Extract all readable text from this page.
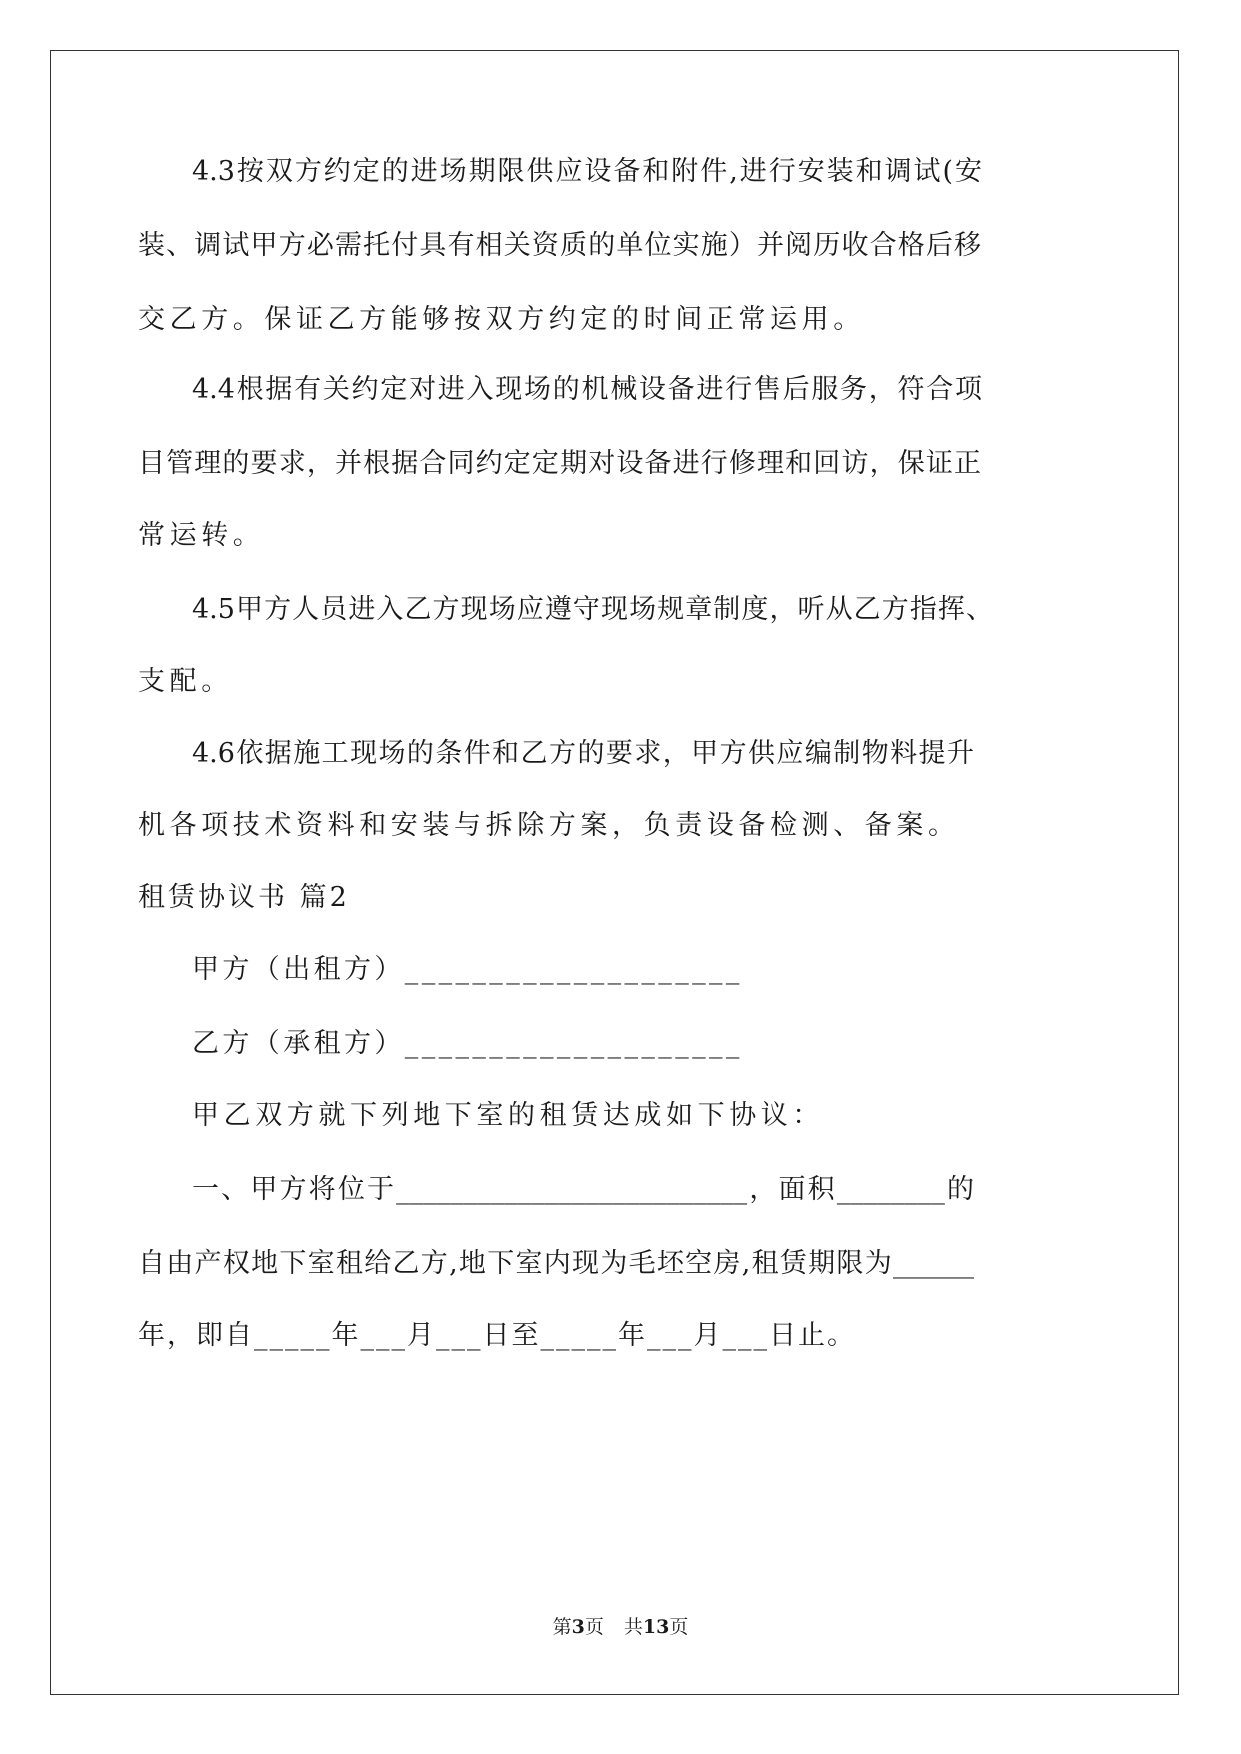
4.3按双方约定的进场期限供应设备和附件,进行安装和调试(安
装、调试甲方必需托付具有相关资质的单位实施）并阅历收合格后移
交乙方。保证乙方能够按双方约定的时间正常运用。
4.4根据有关约定对进入现场的机械设备进行售后服务，符合项
目管理的要求，并根据合同约定定期对设备进行修理和回访，保证正
常运转。
4.5甲方人员进入乙方现场应遵守现场规章制度，听从乙方指挥、
支配。
4.6依据施工现场的条件和乙方的要求，甲方供应编制物料提升
机各项技术资料和安装与拆除方案，负责设备检测、备案。
租赁协议书 篇2
甲方（出租方）____________________
乙方（承租方）____________________
甲乙双方就下列地下室的租赁达成如下协议：
一、甲方将位于__________________________，面积________的
自由产权地下室租给乙方,地下室内现为毛坯空房,租赁期限为______
年，即自_____年___月___日至_____年___月___日止。
第3页 共13页
